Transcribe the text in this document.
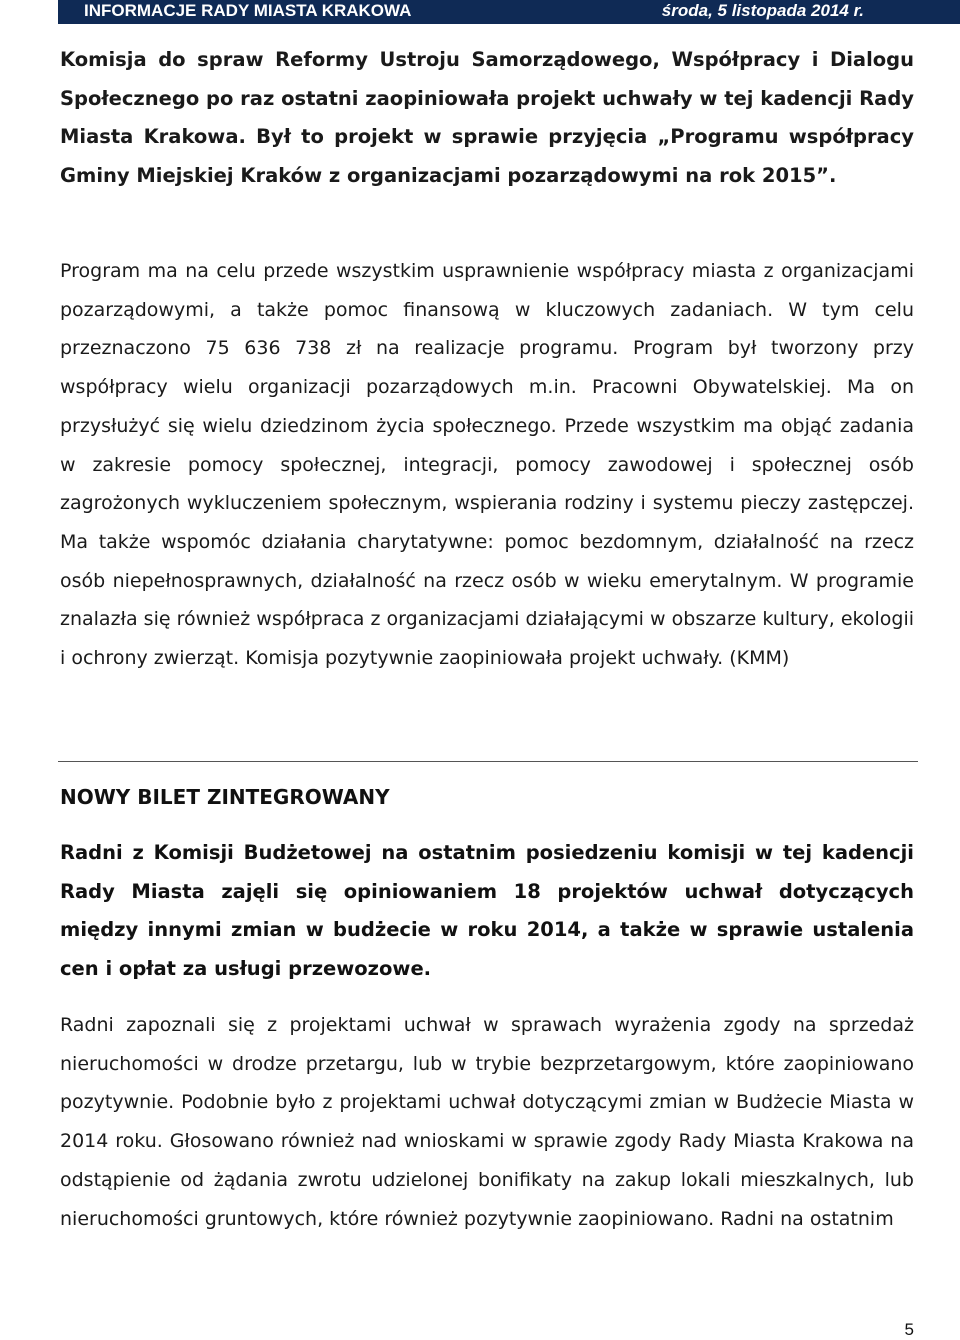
INFORMACJE RADY MIASTA KRAKOWA	środa, 5 listopada 2014 r.

Komisja do spraw Reformy Ustroju Samorządowego, Współpracy i Dialogu Społecznego po raz ostatni zaopiniowała projekt uchwały w tej kadencji Rady Miasta Krakowa. Był to projekt w sprawie przyjęcia „Programu współpracy Gminy Miejskiej Kraków z organizacjami pozarządowymi na rok 2015”.

Program ma na celu przede wszystkim usprawnienie współpracy miasta z organizacjami pozarządowymi, a także pomoc finansową w kluczowych zadaniach. W tym celu przeznaczono 75 636 738 zł na realizacje programu. Program był tworzony przy współpracy wielu organizacji pozarządowych m.in. Pracowni Obywatelskiej. Ma on przysłużyć się wielu dziedzinom życia społecznego. Przede wszystkim ma objąć zadania w zakresie pomocy społecznej, integracji, pomocy zawodowej i społecznej osób zagrożonych wykluczeniem społecznym, wspierania rodziny i systemu pieczy zastępczej. Ma także wspomóc działania charytatywne: pomoc bezdomnym, działalność na rzecz osób niepełnosprawnych, działalność na rzecz osób w wieku emerytalnym. W programie znalazła się również współpraca z organizacjami działającymi w obszarze kultury, ekologii i ochrony zwierząt. Komisja pozytywnie zaopiniowała projekt uchwały. (KMM)

NOWY BILET ZINTEGROWANY

Radni z Komisji Budżetowej na ostatnim posiedzeniu komisji w tej kadencji Rady Miasta zajęli się opiniowaniem 18 projektów uchwał dotyczących między innymi zmian w budżecie w roku 2014, a także w sprawie ustalenia cen i opłat za usługi przewozowe.

Radni zapoznali się z projektami uchwał w sprawach wyrażenia zgody na sprzedaż nieruchomości w drodze przetargu, lub w trybie bezprzetargowym, które zaopiniowano pozytywnie. Podobnie było z projektami uchwał dotyczącymi zmian w Budżecie Miasta w 2014 roku. Głosowano również nad wnioskami w sprawie zgody Rady Miasta Krakowa na odstąpienie od żądania zwrotu udzielonej bonifikaty na zakup lokali mieszkalnych, lub nieruchomości gruntowych, które również pozytywnie zaopiniowano. Radni na ostatnim

5
